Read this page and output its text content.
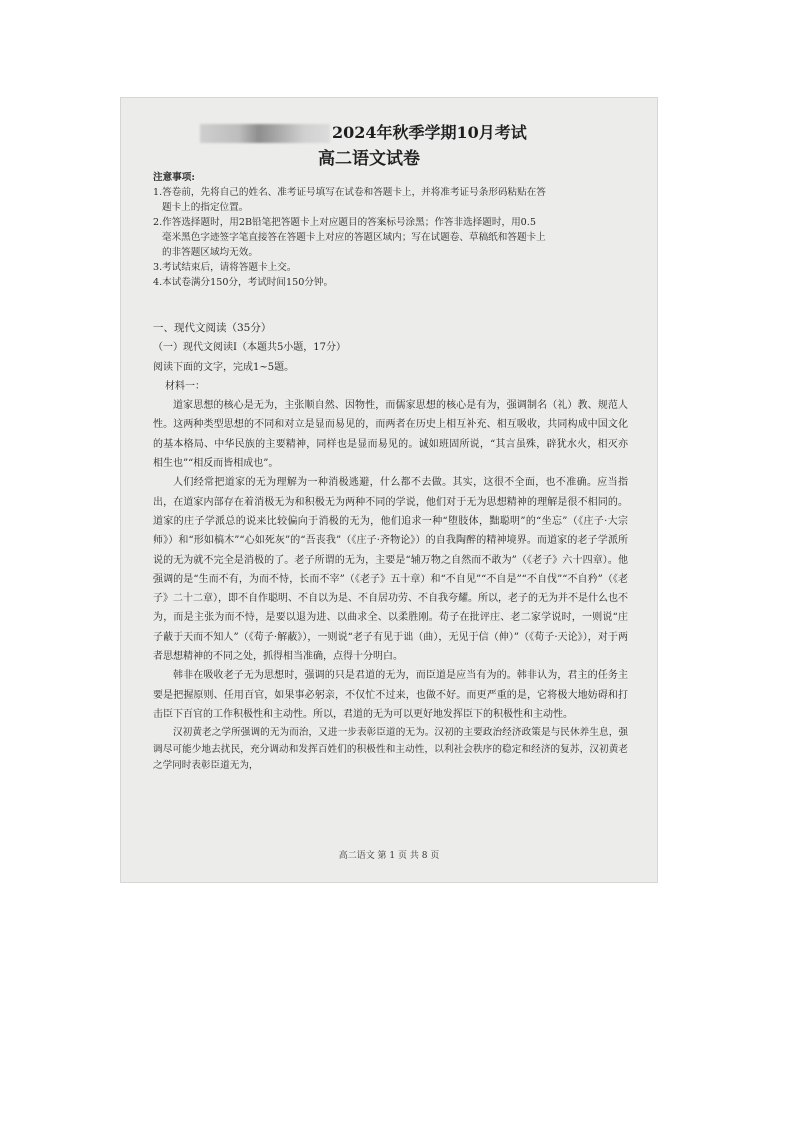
2024年秋季学期10月考试
高二语文试卷

注意事项:

1.答卷前，先将自己的姓名、准考证号填写在试卷和答题卡上，并将准考证号条形码粘贴在答

题卡上的指定位置。

2.作答选择题时，用2B铅笔把答题卡上对应题目的答案标号涂黑；作答非选择题时，用0.5

毫米黑色字迹签字笔直接答在答题卡上对应的答题区域内；写在试题卷、草稿纸和答题卡上

的非答题区域均无效。

3.考试结束后，请将答题卡上交。

4.本试卷满分150分，考试时间150分钟。

一、现代文阅读（35分）

（一）现代文阅读Ⅰ（本题共5小题，17分）

阅读下面的文字，完成1~5题。

材料一：

道家思想的核心是无为，主张顺自然、因物性，而儒家思想的核心是有为，强调制名（礼）教、规范人性。这两种类型思想的不同和对立是显而易见的，而两者在历史上相互补充、相互吸收，共同构成中国文化的基本格局、中华民族的主要精神，同样也是显而易见的。诚如班固所说，“其言虽殊，辟犹水火，相灭亦相生也”“相反而皆相成也”。

人们经常把道家的无为理解为一种消极逃避，什么都不去做。其实，这很不全面，也不准确。应当指出，在道家内部存在着消极无为和积极无为两种不同的学说，他们对于无为思想精神的理解是很不相同的。道家的庄子学派总的说来比较偏向于消极的无为，他们追求一种“堕肢体，黜聪明”的“坐忘”（《庄子·大宗师》）和“形如槁木”“心如死灰”的“吾丧我”（《庄子·齐物论》）的自我陶醉的精神境界。而道家的老子学派所说的无为就不完全是消极的了。老子所谓的无为，主要是“辅万物之自然而不敢为”（《老子》六十四章）。他强调的是“生而不有，为而不恃，长而不宰”（《老子》五十章）和“不自见”“不自是”“不自伐”“不自矜”（《老子》二十二章），即不自作聪明、不自以为是、不自居功劳、不自我夸耀。所以，老子的无为并不是什么也不为，而是主张为而不恃，是要以退为进、以曲求全、以柔胜刚。荀子在批评庄、老二家学说时，一则说“庄子蔽于天而不知人”（《荀子·解蔽》），一则说“老子有见于诎（曲），无见于信（伸）”（《荀子·天论》），对于两者思想精神的不同之处，抓得相当准确，点得十分明白。

韩非在吸收老子无为思想时，强调的只是君道的无为，而臣道是应当有为的。韩非认为，君主的任务主要是把握原则、任用百官，如果事必躬亲，不仅忙不过来，也做不好。而更严重的是，它将极大地妨碍和打击臣下百官的工作积极性和主动性。所以，君道的无为可以更好地发挥臣下的积极性和主动性。

汉初黄老之学所强调的无为而治，又进一步表彰臣道的无为。汉初的主要政治经济政策是与民休养生息，强调尽可能少地去扰民，充分调动和发挥百姓们的积极性和主动性，以利社会秩序的稳定和经济的复苏，汉初黄老之学同时表彰臣道无为，

高二语文 第 1 页 共 8 页
